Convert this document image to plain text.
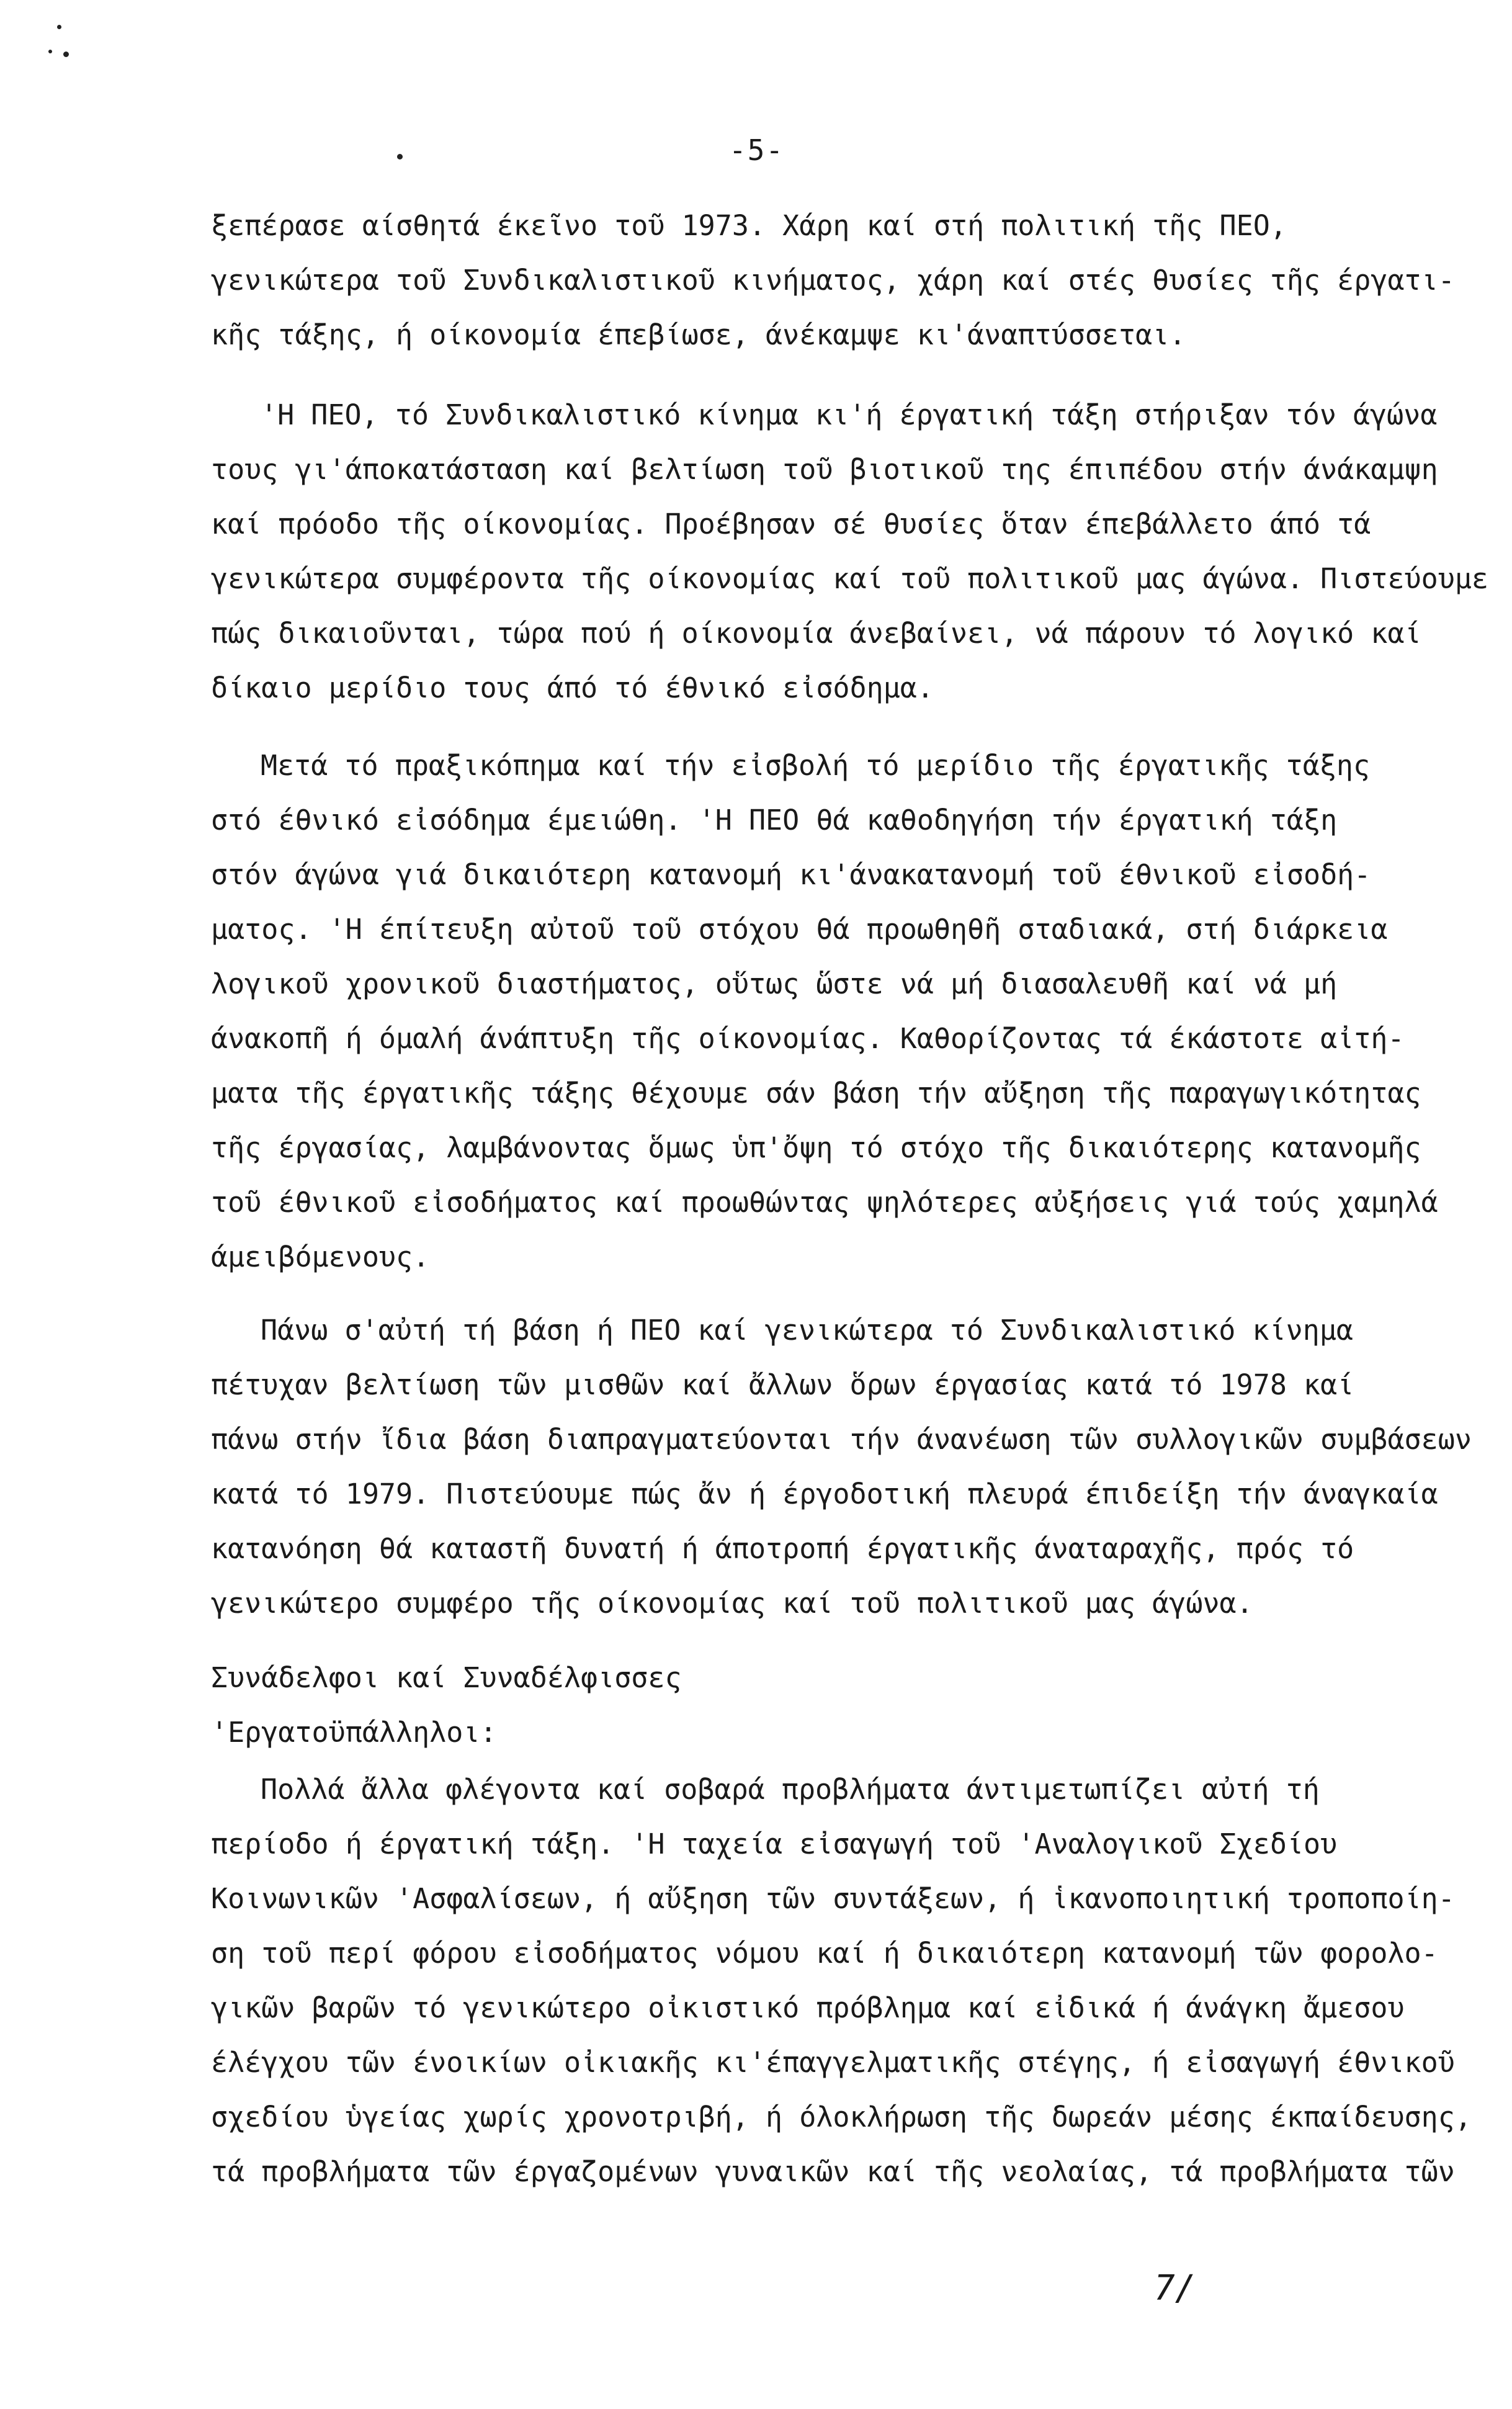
-5-
ξεπέρασε αίσθητά έκεῖνο τοῦ 1973. Χάρη καί στή πολιτική τῆς ΠΕΟ,
γενικώτερα τοῦ Συνδικαλιστικοῦ κινήματος, χάρη καί στές θυσίες τῆς έργατι-
κῆς τάξης, ή οίκονομία έπεβίωσε, άνέκαμψε κι'άναπτύσσεται.
'Η ΠΕΟ, τό Συνδικαλιστικό κίνημα κι'ή έργατική τάξη στήριξαν τόν άγώνα
τους γι'άποκατάσταση καί βελτίωση τοῦ βιοτικοῦ της έπιπέδου στήν άνάκαμψη
καί πρόοδο τῆς οίκονομίας. Προέβησαν σέ θυσίες ὅταν έπεβάλλετο άπό τά
γενικώτερα συμφέροντα τῆς οίκονομίας καί τοῦ πολιτικοῦ μας άγώνα. Πιστεύουμε
πώς δικαιοῦνται, τώρα πού ή οίκονομία άνεβαίνει, νά πάρουν τό λογικό καί
δίκαιο μερίδιο τους άπό τό έθνικό εἰσόδημα.
Μετά τό πραξικόπημα καί τήν εἰσβολή τό μερίδιο τῆς έργατικῆς τάξης
στό έθνικό εἰσόδημα έμειώθη. 'Η ΠΕΟ θά καθοδηγήση τήν έργατική τάξη
στόν άγώνα γιά δικαιότερη κατανομή κι'άνακατανομή τοῦ έθνικοῦ εἰσοδή-
ματος. 'Η έπίτευξη αὐτοῦ τοῦ στόχου θά προωθηθῆ σταδιακά, στή διάρκεια
λογικοῦ χρονικοῦ διαστήματος, οὕτως ὥστε νά μή διασαλευθῆ καί νά μή
άνακοπῆ ή όμαλή άνάπτυξη τῆς οίκονομίας. Καθορίζοντας τά έκάστοτε αἰτή-
ματα τῆς έργατικῆς τάξης θέχουμε σάν βάση τήν αὔξηση τῆς παραγωγικότητας
τῆς έργασίας, λαμβάνοντας ὅμως ὑπ'ὄψη τό στόχο τῆς δικαιότερης κατανομῆς
τοῦ έθνικοῦ εἰσοδήματος καί προωθώντας ψηλότερες αὐξήσεις γιά τούς χαμηλά
άμειβόμενους.
Πάνω σ'αὐτή τή βάση ή ΠΕΟ καί γενικώτερα τό Συνδικαλιστικό κίνημα
πέτυχαν βελτίωση τῶν μισθῶν καί ἄλλων ὅρων έργασίας κατά τό 1978 καί
πάνω στήν ἴδια βάση διαπραγματεύονται τήν άνανέωση τῶν συλλογικῶν συμβάσεων
κατά τό 1979. Πιστεύουμε πώς ἄν ή έργοδοτική πλευρά έπιδείξη τήν άναγκαία
κατανόηση θά καταστῆ δυνατή ή άποτροπή έργατικῆς άναταραχῆς, πρός τό
γενικώτερο συμφέρο τῆς οίκονομίας καί τοῦ πολιτικοῦ μας άγώνα.
Συνάδελφοι καί Συναδέλφισσες
'Εργατοϋπάλληλοι:
Πολλά ἄλλα φλέγοντα καί σοβαρά προβλήματα άντιμετωπίζει αὐτή τή
περίοδο ή έργατική τάξη. 'Η ταχεία εἰσαγωγή τοῦ 'Αναλογικοῦ Σχεδίου
Κοινωνικῶν 'Ασφαλίσεων, ή αὔξηση τῶν συντάξεων, ή ἱκανοποιητική τροποποίη-
ση τοῦ περί φόρου εἰσοδήματος νόμου καί ή δικαιότερη κατανομή τῶν φορολο-
γικῶν βαρῶν τό γενικώτερο οἰκιστικό πρόβλημα καί εἰδικά ή άνάγκη ἄμεσου
έλέγχου τῶν ένοικίων οἰκιακῆς κι'έπαγγελματικῆς στέγης, ή εἰσαγωγή έθνικοῦ
σχεδίου ὑγείας χωρίς χρονοτριβή, ή όλοκλήρωση τῆς δωρεάν μέσης έκπαίδευσης,
τά προβλήματα τῶν έργαζομένων γυναικῶν καί τῆς νεολαίας, τά προβλήματα τῶν
7/
